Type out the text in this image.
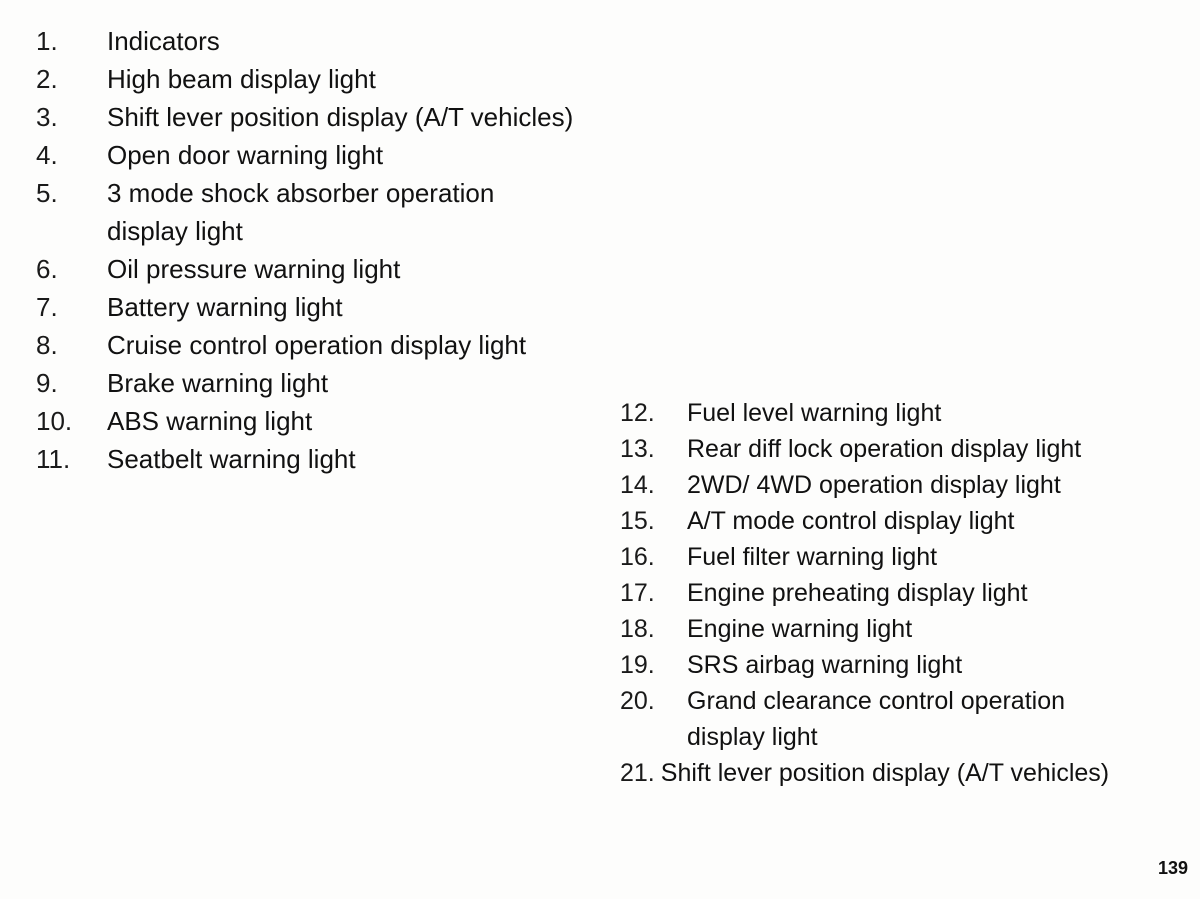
1.	Indicators
2.	High beam display light
3.	Shift lever position display (A/T vehicles)
4.	Open door warning light
5.	3 mode shock absorber operation display light
6.	Oil pressure warning light
7.	Battery warning light
8.	Cruise control operation display light
9.	Brake warning light
10.	ABS warning light
11.	Seatbelt warning light
12.	Fuel level warning light
13.	Rear diff lock operation display light
14.	2WD/ 4WD operation display light
15.	A/T mode control display light
16.	Fuel filter warning light
17.	Engine preheating display light
18.	Engine warning light
19.	SRS airbag warning light
20.	Grand clearance control operation display light
21. Shift lever position display (A/T vehicles)
139
